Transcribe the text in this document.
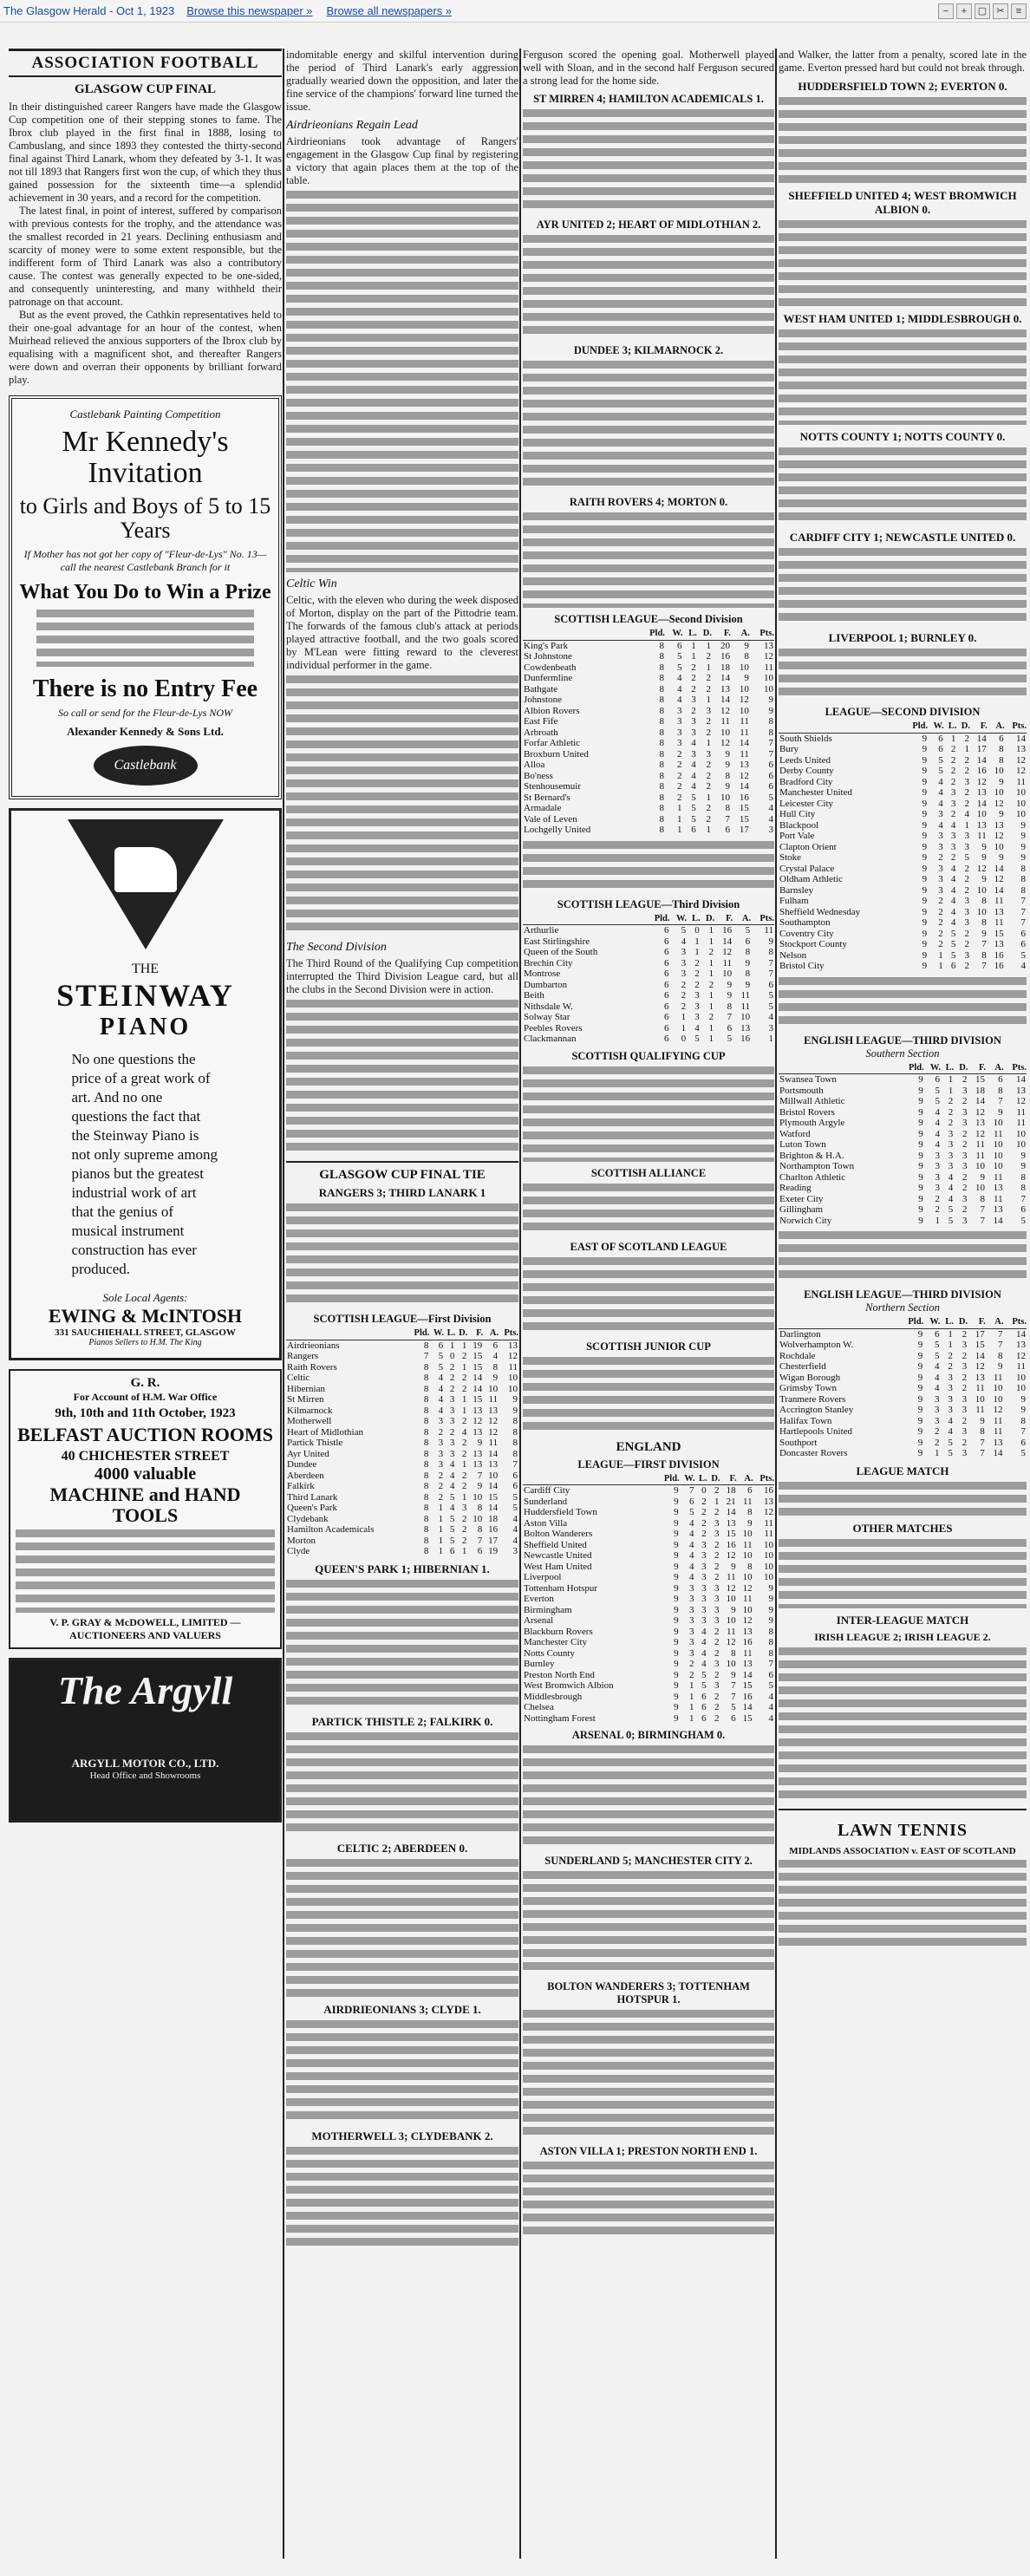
The Glasgow Herald - Oct 1, 1923 Browse this newspaper » Browse all newspapers »	−	+	▢	✂	≡
ASSOCIATION FOOTBALL
GLASGOW CUP FINAL

In their distinguished career Rangers have made the Glasgow Cup competition one of their stepping stones to fame. The Ibrox club played in the first final in 1888, losing to Cambuslang, and since 1893 they contested the thirty-second final against Third Lanark, whom they defeated by 3-1. It was not till 1893 that Rangers first won the cup, of which they thus gained possession for the sixteenth time—a splendid achievement in 30 years, and a record for the competition.

The latest final, in point of interest, suffered by comparison with previous contests for the trophy, and the attendance was the smallest recorded in 21 years. Declining enthusiasm and scarcity of money were to some extent responsible, but the indifferent form of Third Lanark was also a contributory cause. The contest was generally expected to be one-sided, and consequently uninteresting, and many withheld their patronage on that account.

But as the event proved, the Cathkin representatives held to their one-goal advantage for an hour of the contest, when Muirhead relieved the anxious supporters of the Ibrox club by equalising with a magnificent shot, and thereafter Rangers were down and overran their opponents by brilliant forward play.

Castlebank Painting Competition
Mr Kennedy's Invitation
to Girls and Boys of 5 to 15 Years
If Mother has not got her copy of "Fleur-de-Lys" No. 13—call the nearest Castlebank Branch for it
What You Do to Win a Prize
There is no Entry Fee
So call or send for the Fleur-de-Lys NOW
Alexander Kennedy & Sons Ltd.
Castlebank
THE
STEINWAY
PIANO
No one questions the price of a great work of art. And no one questions the fact that the Steinway Piano is not only supreme among pianos but the greatest industrial work of art that the genius of musical instrument construction has ever produced.
Sole Local Agents:
EWING & McINTOSH
331 SAUCHIEHALL STREET, GLASGOW
Pianos Sellers to H.M. The King
G. R.
For Account of H.M. War Office
9th, 10th and 11th October, 1923
BELFAST AUCTION ROOMS
40 CHICHESTER STREET
4000 valuable
MACHINE and HAND TOOLS
V. P. GRAY & McDOWELL, LIMITED — AUCTIONEERS AND VALUERS
The Argyll
ARGYLL MOTOR CO., LTD.
Head Office and Showrooms

indomitable energy and skilful intervention during the period of Third Lanark's early aggression gradually wearied down the opposition, and later the fine service of the champions' forward line turned the issue.

Airdrieonians Regain Lead

Airdrieonians took advantage of Rangers' engagement in the Glasgow Cup final by registering a victory that again places them at the top of the table.

Celtic Win

Celtic, with the eleven who during the week disposed of Morton, display on the part of the Pittodrie team. The forwards of the famous club's attack at periods played attractive football, and the two goals scored by M'Lean were fitting reward to the cleverest individual performer in the game.

The Second Division

The Third Round of the Qualifying Cup competition interrupted the Third Division League card, but all the clubs in the Second Division were in action.

GLASGOW CUP FINAL TIE
RANGERS 3; THIRD LANARK 1
SCOTTISH LEAGUE—First Division
	Pld.	W.	L.	D.	F.	A.	Pts.
Airdrieonians	8	6	1	1	19	6	13
Rangers	7	5	0	2	15	4	12
Raith Rovers	8	5	2	1	15	8	11
Celtic	8	4	2	2	14	9	10
Hibernian	8	4	2	2	14	10	10
St Mirren	8	4	3	1	15	11	9
Kilmarnock	8	4	3	1	13	13	9
Motherwell	8	3	3	2	12	12	8
Heart of Midlothian	8	2	2	4	13	12	8
Partick Thistle	8	3	3	2	9	11	8
Ayr United	8	3	3	2	13	14	8
Dundee	8	3	4	1	13	13	7
Aberdeen	8	2	4	2	7	10	6
Falkirk	8	2	4	2	9	14	6
Third Lanark	8	2	5	1	10	15	5
Queen's Park	8	1	4	3	8	14	5
Clydebank	8	1	5	2	10	18	4
Hamilton Academicals	8	1	5	2	8	16	4
Morton	8	1	5	2	7	17	4
Clyde	8	1	6	1	6	19	3
QUEEN'S PARK 1; HIBERNIAN 1.
PARTICK THISTLE 2; FALKIRK 0.
CELTIC 2; ABERDEEN 0.
AIRDRIEONIANS 3; CLYDE 1.
MOTHERWELL 3; CLYDEBANK 2.

Ferguson scored the opening goal. Motherwell played well with Sloan, and in the second half Ferguson secured a strong lead for the home side.

ST MIRREN 4; HAMILTON ACADEMICALS 1.
AYR UNITED 2; HEART OF MIDLOTHIAN 2.
DUNDEE 3; KILMARNOCK 2.
RAITH ROVERS 4; MORTON 0.
SCOTTISH LEAGUE—Second Division
	Pld.	W.	L.	D.	F.	A.	Pts.
King's Park	8	6	1	1	20	9	13
St Johnstone	8	5	1	2	16	8	12
Cowdenbeath	8	5	2	1	18	10	11
Dunfermline	8	4	2	2	14	9	10
Bathgate	8	4	2	2	13	10	10
Johnstone	8	4	3	1	14	12	9
Albion Rovers	8	3	2	3	12	10	9
East Fife	8	3	3	2	11	11	8
Arbroath	8	3	3	2	10	11	8
Forfar Athletic	8	3	4	1	12	14	7
Broxburn United	8	2	3	3	9	11	7
Alloa	8	2	4	2	9	13	6
Bo'ness	8	2	4	2	8	12	6
Stenhousemuir	8	2	4	2	9	14	6
St Bernard's	8	2	5	1	10	16	5
Armadale	8	1	5	2	8	15	4
Vale of Leven	8	1	5	2	7	15	4
Lochgelly United	8	1	6	1	6	17	3
SCOTTISH LEAGUE—Third Division
	Pld.	W.	L.	D.	F.	A.	Pts.
Arthurlie	6	5	0	1	16	5	11
East Stirlingshire	6	4	1	1	14	6	9
Queen of the South	6	3	1	2	12	8	8
Brechin City	6	3	2	1	11	9	7
Montrose	6	3	2	1	10	8	7
Dumbarton	6	2	2	2	9	9	6
Beith	6	2	3	1	9	11	5
Nithsdale W.	6	2	3	1	8	11	5
Solway Star	6	1	3	2	7	10	4
Peebles Rovers	6	1	4	1	6	13	3
Clackmannan	6	0	5	1	5	16	1
SCOTTISH QUALIFYING CUP
SCOTTISH ALLIANCE
EAST OF SCOTLAND LEAGUE
SCOTTISH JUNIOR CUP
ENGLAND
LEAGUE—FIRST DIVISION
	Pld.	W.	L.	D.	F.	A.	Pts.
Cardiff City	9	7	0	2	18	6	16
Sunderland	9	6	2	1	21	11	13
Huddersfield Town	9	5	2	2	14	8	12
Aston Villa	9	4	2	3	13	9	11
Bolton Wanderers	9	4	2	3	15	10	11
Sheffield United	9	4	3	2	16	11	10
Newcastle United	9	4	3	2	12	10	10
West Ham United	9	4	3	2	9	8	10
Liverpool	9	4	3	2	11	10	10
Tottenham Hotspur	9	3	3	3	12	12	9
Everton	9	3	3	3	10	11	9
Birmingham	9	3	3	3	9	10	9
Arsenal	9	3	3	3	10	12	9
Blackburn Rovers	9	3	4	2	11	13	8
Manchester City	9	3	4	2	12	16	8
Notts County	9	3	4	2	8	11	8
Burnley	9	2	4	3	10	13	7
Preston North End	9	2	5	2	9	14	6
West Bromwich Albion	9	1	5	3	7	15	5
Middlesbrough	9	1	6	2	7	16	4
Chelsea	9	1	6	2	5	14	4
Nottingham Forest	9	1	6	2	6	15	4
ARSENAL 0; BIRMINGHAM 0.
SUNDERLAND 5; MANCHESTER CITY 2.
BOLTON WANDERERS 3; TOTTENHAM HOTSPUR 1.
ASTON VILLA 1; PRESTON NORTH END 1.

and Walker, the latter from a penalty, scored late in the game. Everton pressed hard but could not break through.

HUDDERSFIELD TOWN 2; EVERTON 0.
SHEFFIELD UNITED 4; WEST BROMWICH ALBION 0.
WEST HAM UNITED 1; MIDDLESBROUGH 0.
NOTTS COUNTY 1; NOTTS COUNTY 0.
CARDIFF CITY 1; NEWCASTLE UNITED 0.
LIVERPOOL 1; BURNLEY 0.
LEAGUE—SECOND DIVISION
	Pld.	W.	L.	D.	F.	A.	Pts.
South Shields	9	6	1	2	14	6	14
Bury	9	6	2	1	17	8	13
Leeds United	9	5	2	2	14	8	12
Derby County	9	5	2	2	16	10	12
Bradford City	9	4	2	3	12	9	11
Manchester United	9	4	3	2	13	10	10
Leicester City	9	4	3	2	14	12	10
Hull City	9	3	2	4	10	9	10
Blackpool	9	4	4	1	13	13	9
Port Vale	9	3	3	3	11	12	9
Clapton Orient	9	3	3	3	9	10	9
Stoke	9	2	2	5	9	9	9
Crystal Palace	9	3	4	2	12	14	8
Oldham Athletic	9	3	4	2	9	12	8
Barnsley	9	3	4	2	10	14	8
Fulham	9	2	4	3	8	11	7
Sheffield Wednesday	9	2	4	3	10	13	7
Southampton	9	2	4	3	8	11	7
Coventry City	9	2	5	2	9	15	6
Stockport County	9	2	5	2	7	13	6
Nelson	9	1	5	3	8	16	5
Bristol City	9	1	6	2	7	16	4
ENGLISH LEAGUE—THIRD DIVISION
Southern Section
	Pld.	W.	L.	D.	F.	A.	Pts.
Swansea Town	9	6	1	2	15	6	14
Portsmouth	9	5	1	3	18	8	13
Millwall Athletic	9	5	2	2	14	7	12
Bristol Rovers	9	4	2	3	12	9	11
Plymouth Argyle	9	4	2	3	13	10	11
Watford	9	4	3	2	12	11	10
Luton Town	9	4	3	2	11	10	10
Brighton & H.A.	9	3	3	3	11	10	9
Northampton Town	9	3	3	3	10	10	9
Charlton Athletic	9	3	4	2	9	11	8
Reading	9	3	4	2	10	13	8
Exeter City	9	2	4	3	8	11	7
Gillingham	9	2	5	2	7	13	6
Norwich City	9	1	5	3	7	14	5
ENGLISH LEAGUE—THIRD DIVISION
Northern Section
	Pld.	W.	L.	D.	F.	A.	Pts.
Darlington	9	6	1	2	17	7	14
Wolverhampton W.	9	5	1	3	15	7	13
Rochdale	9	5	2	2	14	8	12
Chesterfield	9	4	2	3	12	9	11
Wigan Borough	9	4	3	2	13	11	10
Grimsby Town	9	4	3	2	11	10	10
Tranmere Rovers	9	3	3	3	10	10	9
Accrington Stanley	9	3	3	3	11	12	9
Halifax Town	9	3	4	2	9	11	8
Hartlepools United	9	2	4	3	8	11	7
Southport	9	2	5	2	7	13	6
Doncaster Rovers	9	1	5	3	7	14	5
LEAGUE MATCH
OTHER MATCHES
INTER-LEAGUE MATCH
IRISH LEAGUE 2; IRISH LEAGUE 2.
LAWN TENNIS
MIDLANDS ASSOCIATION v. EAST OF SCOTLAND
